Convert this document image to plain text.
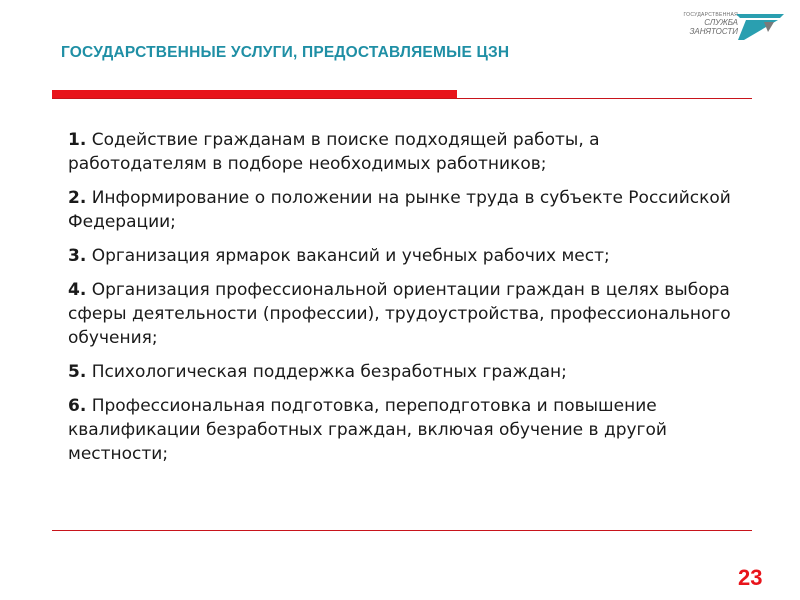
ГОСУДАРСТВЕННАЯ
СЛУЖБА
ЗАНЯТОСТИ
ГОСУДАРСТВЕННЫЕ УСЛУГИ, ПРЕДОСТАВЛЯЕМЫЕ ЦЗН
1. Содействие гражданам в поиске подходящей работы, а работодателям в подборе необходимых работников;
2. Информирование о положении на рынке труда в субъекте Российской Федерации;
3. Организация ярмарок вакансий и учебных рабочих мест;
4. Организация профессиональной ориентации граждан в целях выбора сферы деятельности (профессии), трудоустройства, профессионального обучения;
5. Психологическая поддержка безработных граждан;
6. Профессиональная подготовка, переподготовка и повышение квалификации безработных граждан, включая обучение в другой местности;
23
